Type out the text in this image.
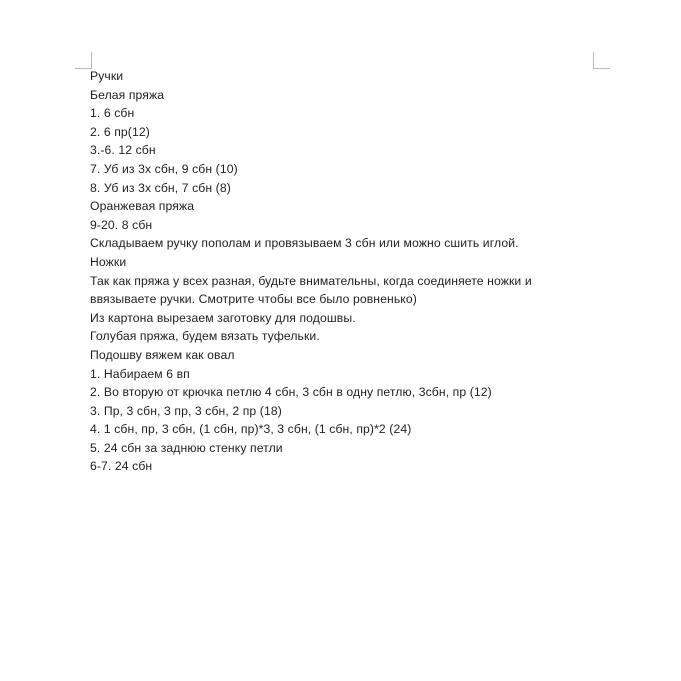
Ручки
Белая пряжа
1. 6 сбн
2. 6 пр(12)
3.-6. 12 сбн
7. Уб из 3х сбн, 9 сбн (10)
8. Уб из 3х сбн, 7 сбн (8)
Оранжевая пряжа
9-20. 8 сбн
Складываем ручку пополам и провязываем 3 сбн или можно сшить иглой.
Ножки
Так как пряжа у всех разная, будьте внимательны, когда соединяете ножки и
ввязываете ручки. Смотрите чтобы все было ровненько)
Из картона вырезаем заготовку для подошвы.
Голубая пряжа, будем вязать туфельки.
Подошву вяжем как овал
1. Набираем 6 вп
2. Во вторую от крючка петлю 4 сбн, 3 сбн в одну петлю, 3сбн, пр (12)
3. Пр, 3 сбн, 3 пр, 3 сбн, 2 пр (18)
4. 1 сбн, пр, 3 сбн, (1 сбн, пр)*3, 3 сбн, (1 сбн, пр)*2 (24)
5. 24 сбн за заднюю стенку петли
6-7. 24 сбн
